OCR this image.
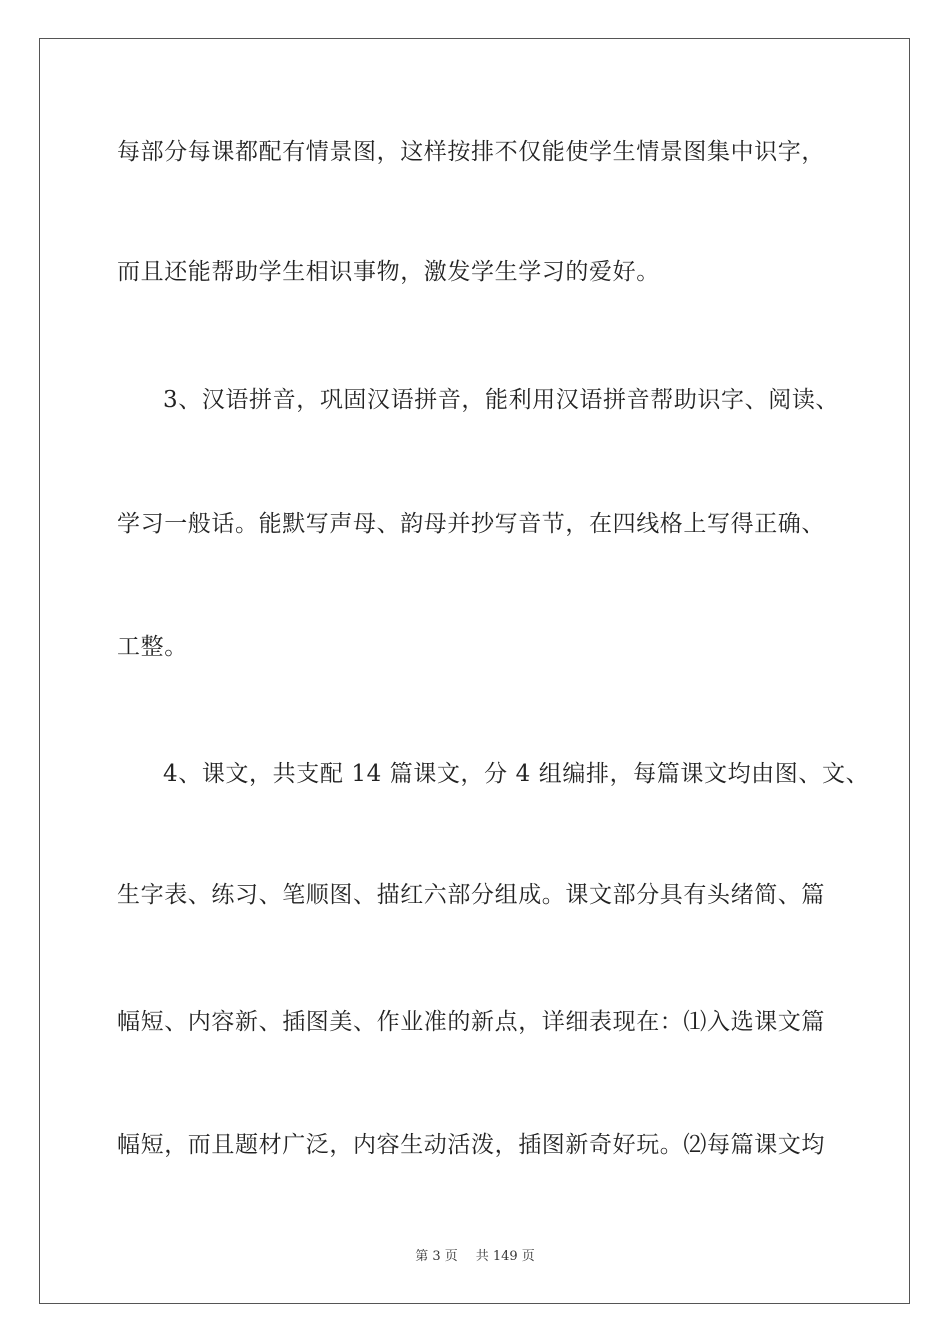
每部分每课都配有情景图，这样按排不仅能使学生情景图集中识字，
而且还能帮助学生相识事物，激发学生学习的爱好。
3、汉语拼音，巩固汉语拼音，能利用汉语拼音帮助识字、阅读、
学习一般话。能默写声母、韵母并抄写音节，在四线格上写得正确、
工整。
4、课文，共支配 14 篇课文，分 4 组编排，每篇课文均由图、文、
生字表、练习、笔顺图、描红六部分组成。课文部分具有头绪简、篇
幅短、内容新、插图美、作业准的新点，详细表现在：⑴入选课文篇
幅短，而且题材广泛，内容生动活泼，插图新奇好玩。⑵每篇课文均
第 3 页 共 149 页
